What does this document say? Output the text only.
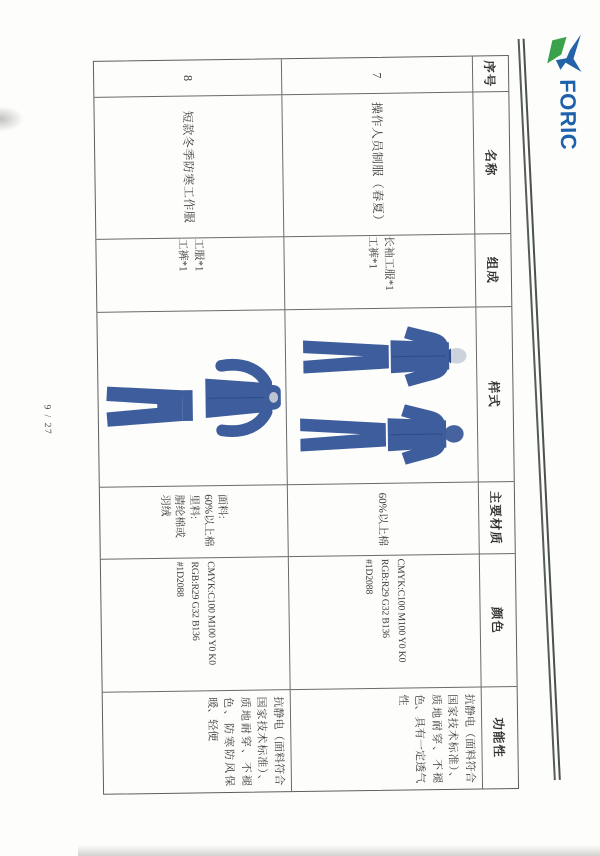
FORIC
序号
名称
组成
样式
主要材质
颜色
功能性
7
操作人员制服（春夏）
长袖工服*1
工裤*1
60%以上棉
CMYK:C100 M100 Y0 K0
RGB:R29 G32 B136
#1D2088
抗静电（面料符合国家技术标准）、质地耐穿、不褪色、具有一定透气性
8
短款冬季防寒工作服
工服*1
工裤*1
面料:
60%以上棉
里料:
腈纶棉或
羽绒
CMYK:C100 M100 Y0 K0
RGB:R29 G32 B136
#1D2088
抗静电（面料符合国家技术标准）、质地耐穿、不褪色、防寒防风保暖、轻便
9 / 27
